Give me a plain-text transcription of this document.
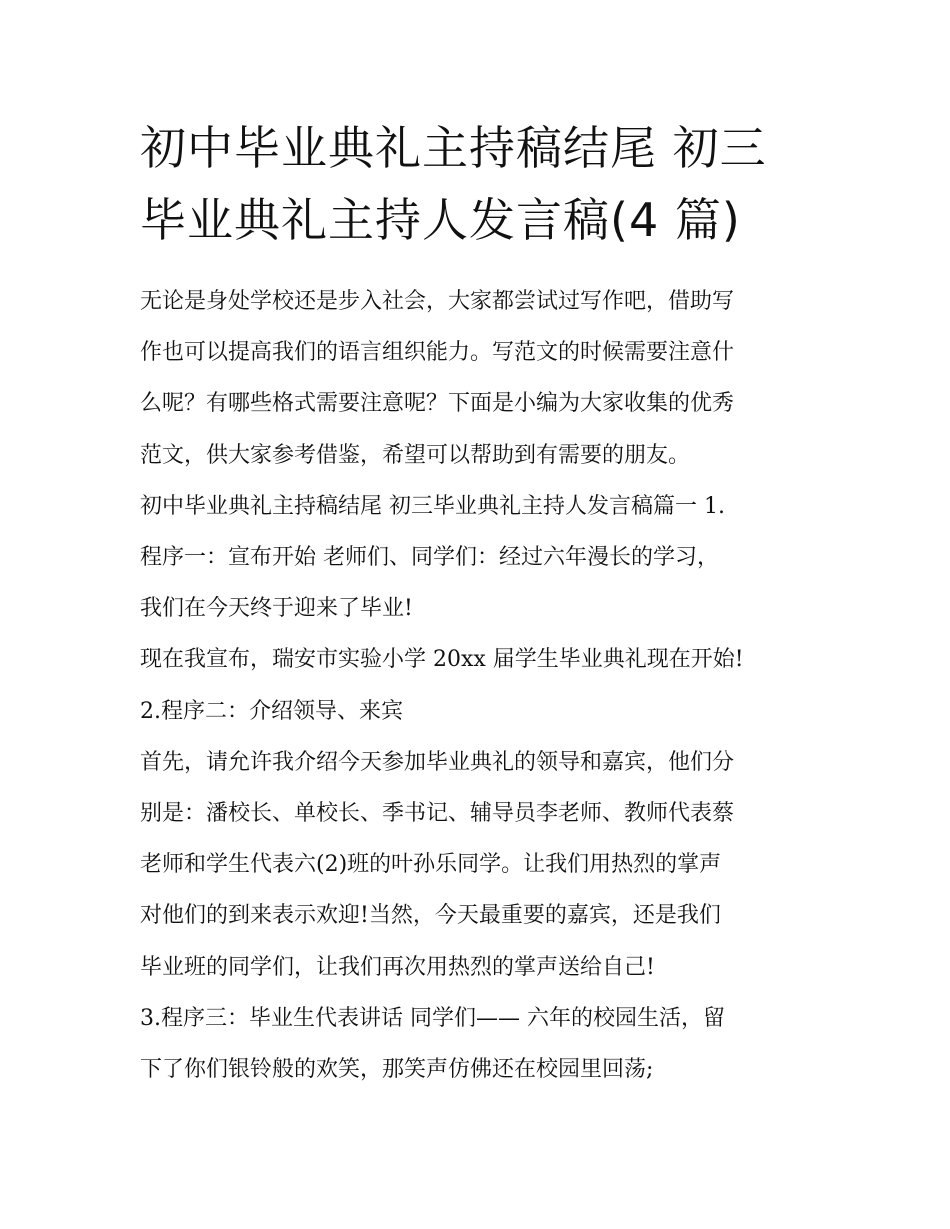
初中毕业典礼主持稿结尾 初三
毕业典礼主持人发言稿(4 篇)
无论是身处学校还是步入社会，大家都尝试过写作吧，借助写
作也可以提高我们的语言组织能力。写范文的时候需要注意什
么呢？有哪些格式需要注意呢？下面是小编为大家收集的优秀
范文，供大家参考借鉴，希望可以帮助到有需要的朋友。
初中毕业典礼主持稿结尾 初三毕业典礼主持人发言稿篇一 1.
程序一：宣布开始 老师们、同学们：经过六年漫长的学习，
我们在今天终于迎来了毕业!
现在我宣布，瑞安市实验小学 20xx 届学生毕业典礼现在开始!
2.程序二：介绍领导、来宾
首先，请允许我介绍今天参加毕业典礼的领导和嘉宾，他们分
别是：潘校长、单校长、季书记、辅导员李老师、教师代表蔡
老师和学生代表六(2)班的叶孙乐同学。让我们用热烈的掌声
对他们的到来表示欢迎!当然，今天最重要的嘉宾，还是我们
毕业班的同学们，让我们再次用热烈的掌声送给自己!
3.程序三：毕业生代表讲话 同学们—— 六年的校园生活，留
下了你们银铃般的欢笑，那笑声仿佛还在校园里回荡;
